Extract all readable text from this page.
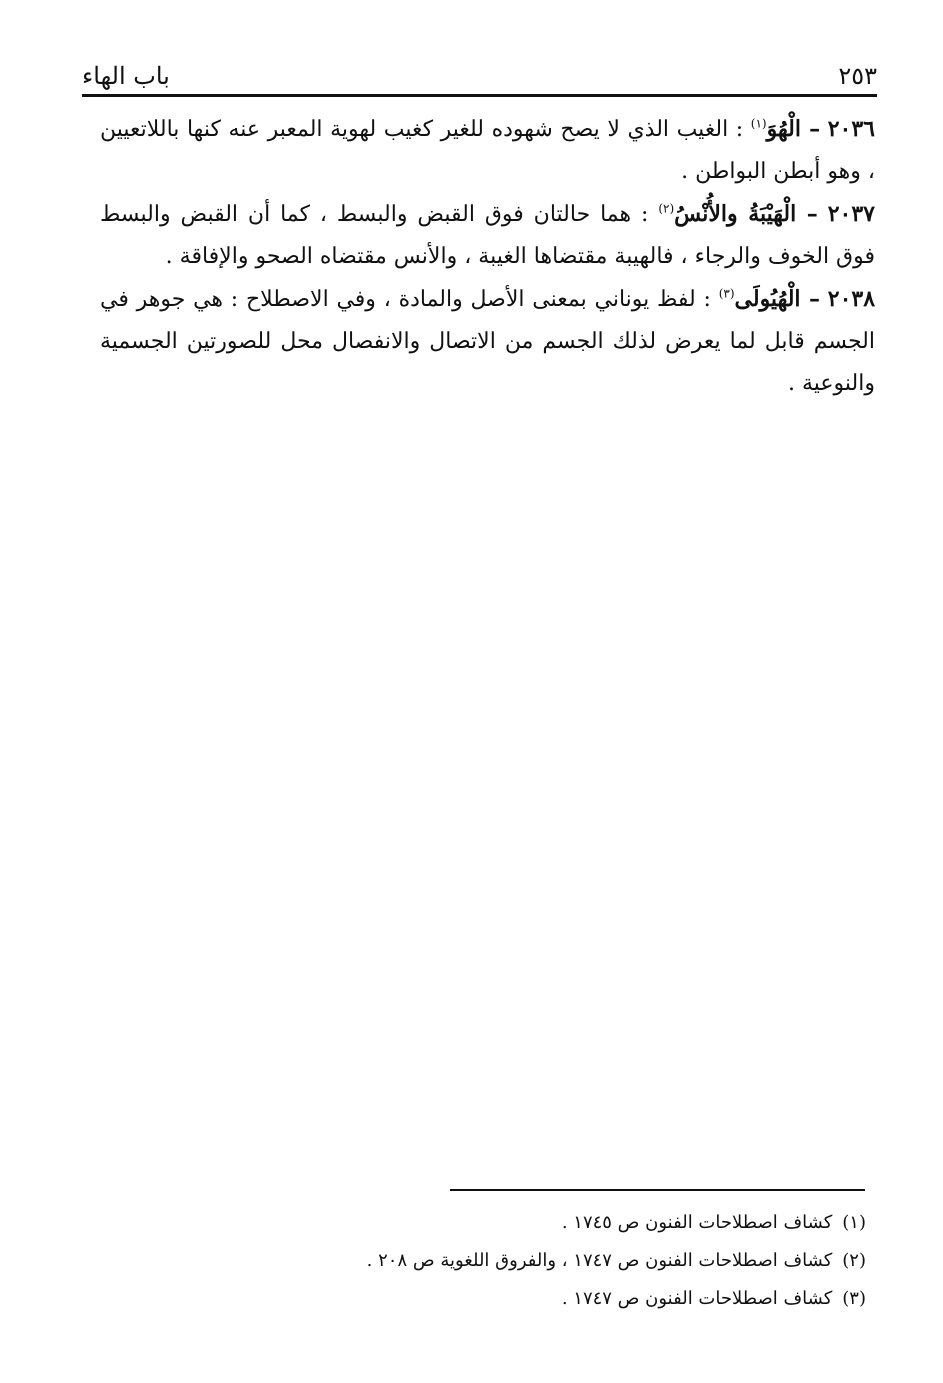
٢٥٣
باب الهاء

٢٠٣٦ – الْهُوَ$^{(١)}$ : الغيب الذي لا يصح شهوده للغير كغيب لهوية المعبر عنه كنها باللاتعيين ، وهو أبطن البواطن .

٢٠٣٧ – الْهَيْبَةُ والأُنْسُ$^{(٢)}$ : هما حالتان فوق القبض والبسط ، كما أن القبض والبسط فوق الخوف والرجاء ، فالهيبة مقتضاها الغيبة ، والأنس مقتضاه الصحو والإفاقة .

٢٠٣٨ – الْهُيُولَى$^{(٣)}$ : لفظ يوناني بمعنى الأصل والمادة ، وفي الاصطلاح : هي جوهر في الجسم قابل لما يعرض لذلك الجسم من الاتصال والانفصال محل للصورتين الجسمية والنوعية .

(١)كشاف اصطلاحات الفنون ص ١٧٤٥ .
(٢)كشاف اصطلاحات الفنون ص ١٧٤٧ ، والفروق اللغوية ص ٢٠٨ .
(٣)كشاف اصطلاحات الفنون ص ١٧٤٧ .
